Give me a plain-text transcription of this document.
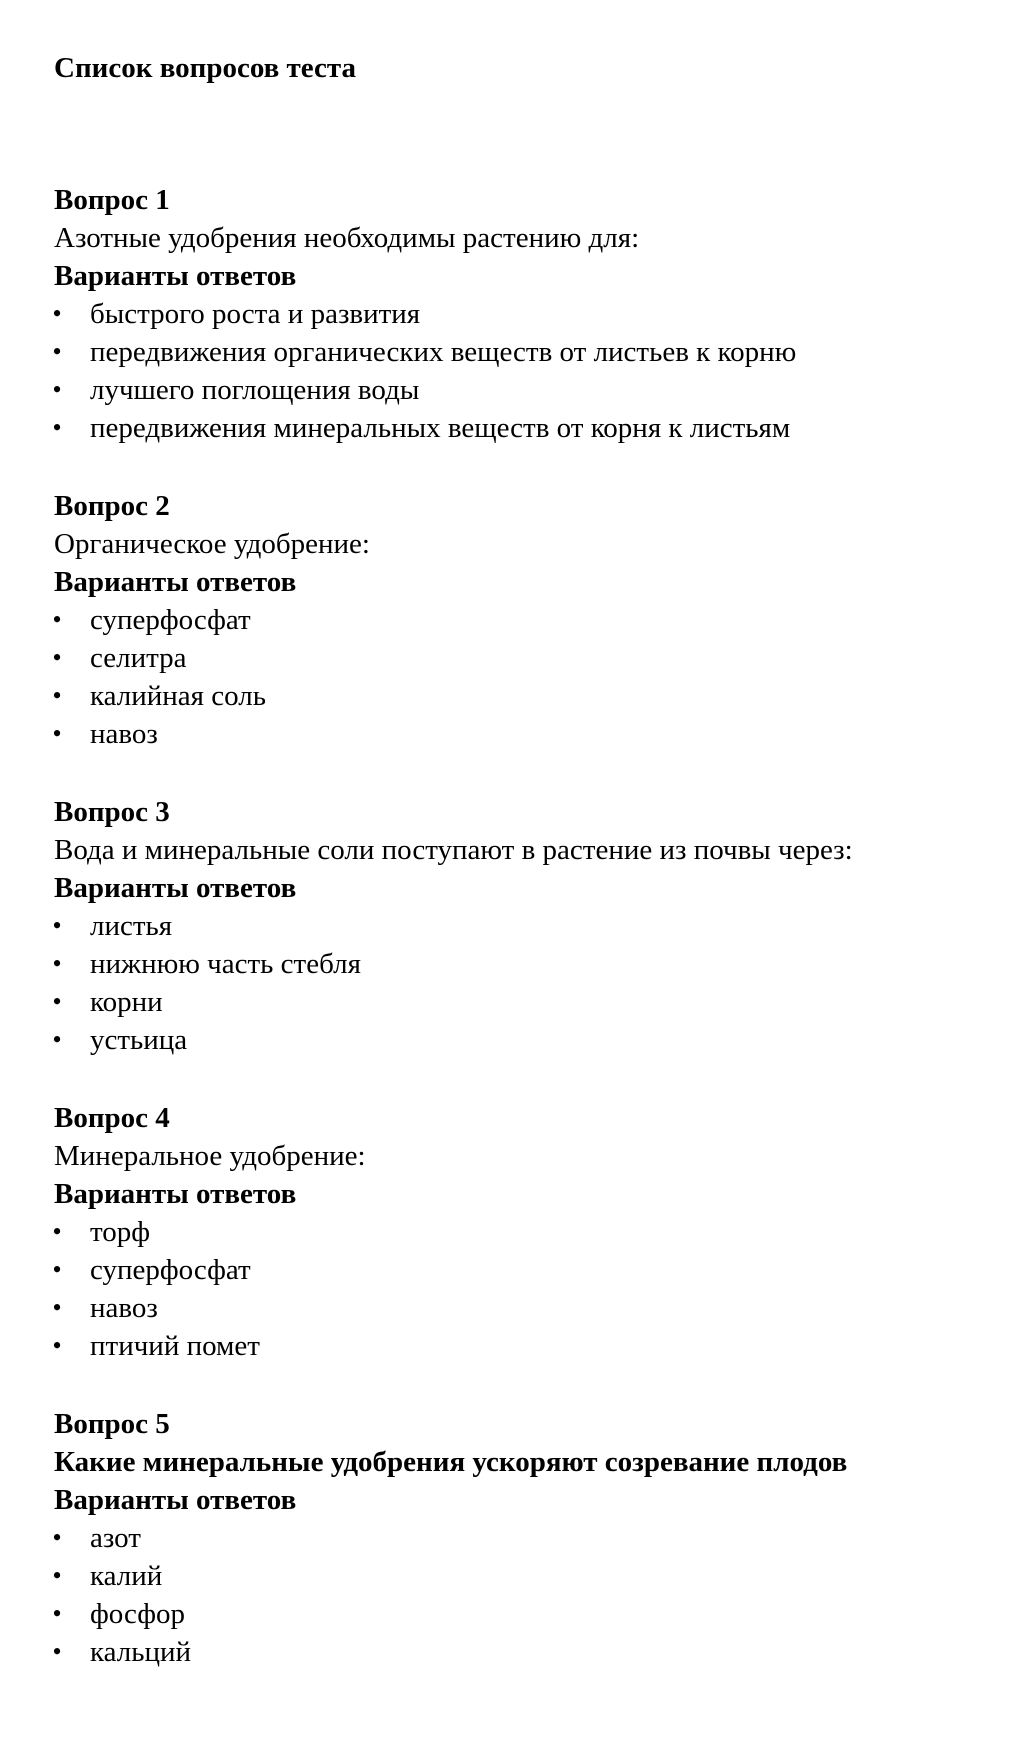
Список вопросов теста
Вопрос 1
Азотные удобрения необходимы растению для:
Варианты ответов
• быстрого роста и развития
• передвижения органических веществ от листьев к корню
• лучшего поглощения воды
• передвижения минеральных веществ от корня к листьям
Вопрос 2
Органическое удобрение:
Варианты ответов
• суперфосфат
• селитра
• калийная соль
• навоз
Вопрос 3
Вода и минеральные соли поступают в растение из почвы через:
Варианты ответов
• листья
• нижнюю часть стебля
• корни
• устьица
Вопрос 4
Минеральное удобрение:
Варианты ответов
• торф
• суперфосфат
• навоз
• птичий помет
Вопрос 5
Какие минеральные удобрения ускоряют созревание плодов
Варианты ответов
• азот
• калий
• фосфор
• кальций
